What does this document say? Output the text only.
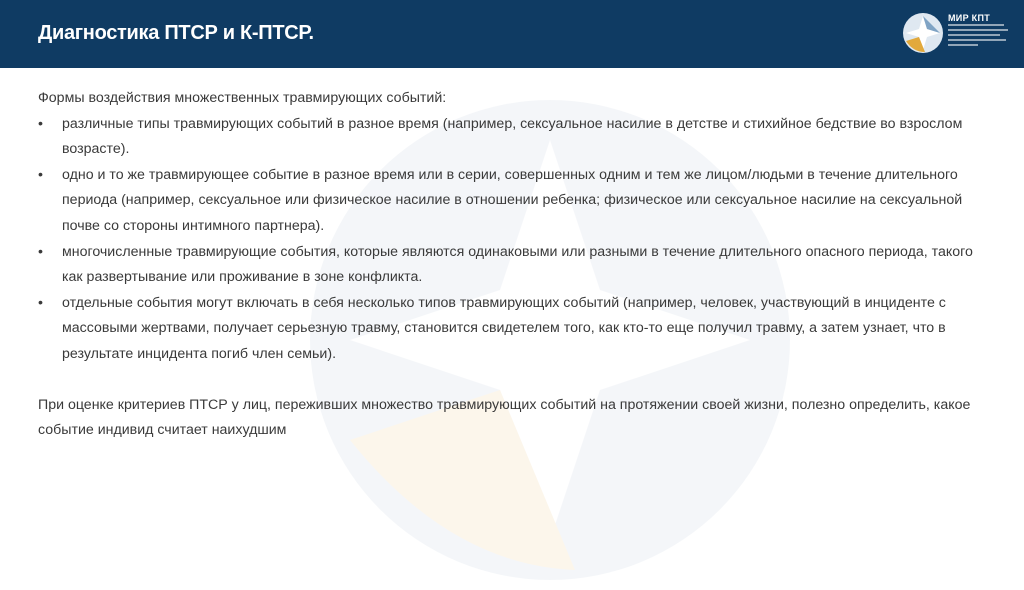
Диагностика ПТСР и К-ПТСР.
МИР КПТ
Формы воздействия множественных травмирующих событий:
• различные типы травмирующих событий в разное время (например, сексуальное насилие в детстве и стихийное бедствие во взрослом возрасте).
• одно и то же травмирующее событие в разное время или в серии, совершенных одним и тем же лицом/людьми в течение длительного периода (например, сексуальное или физическое насилие в отношении ребенка; физическое или сексуальное насилие на сексуальной почве со стороны интимного партнера).
• многочисленные травмирующие события, которые являются одинаковыми или разными в течение длительного опасного периода, такого как развертывание или проживание в зоне конфликта.
• отдельные события могут включать в себя несколько типов травмирующих событий (например, человек, участвующий в инциденте с массовыми жертвами, получает серьезную травму, становится свидетелем того, как кто-то еще получил травму, а затем узнает, что в результате инцидента погиб член семьи).
При оценке критериев ПТСР у лиц, переживших множество травмирующих событий на протяжении своей жизни, полезно определить, какое событие индивид считает наихудшим
